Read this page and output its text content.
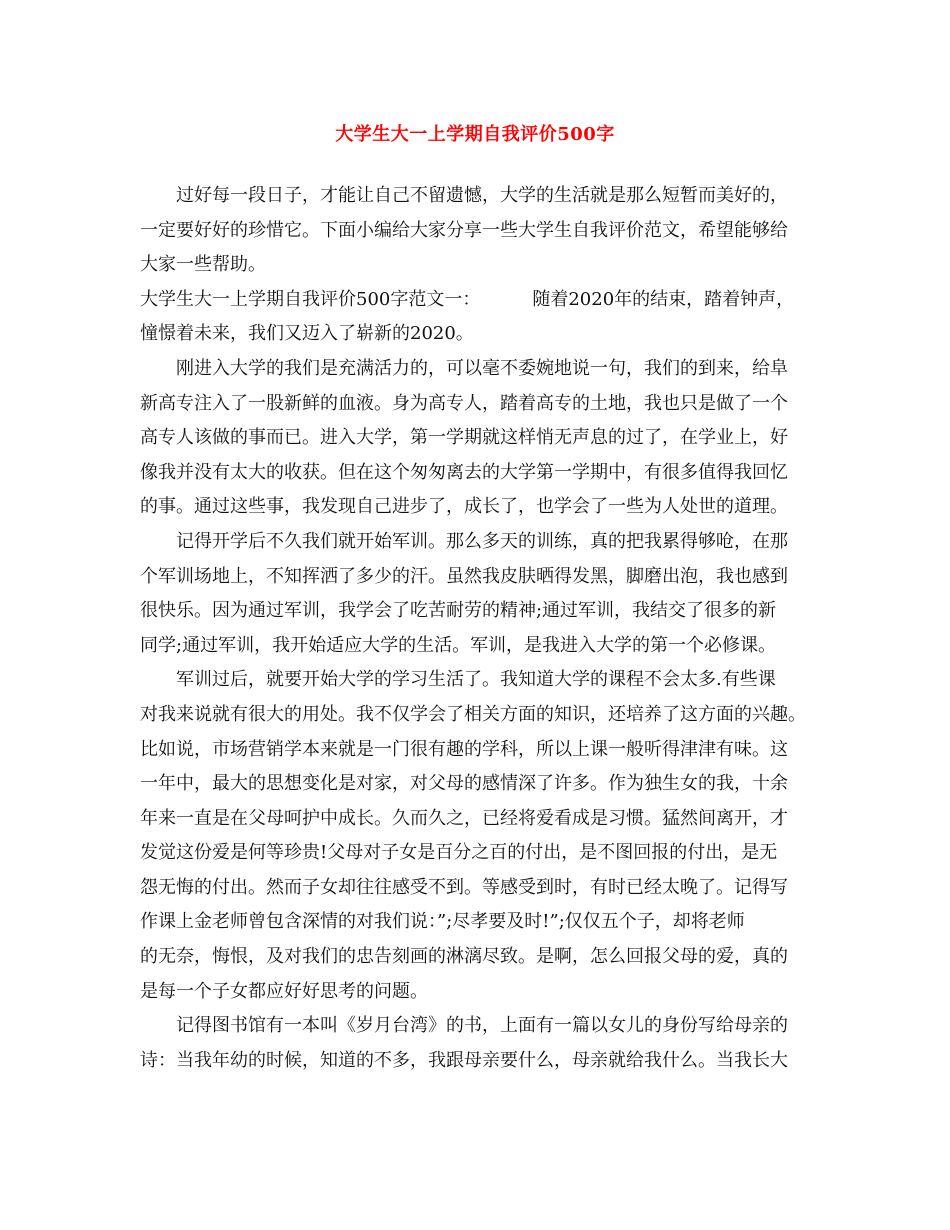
大学生大一上学期自我评价500字
过好每一段日子，才能让自己不留遗憾，大学的生活就是那么短暂而美好的，
一定要好好的珍惜它。下面小编给大家分享一些大学生自我评价范文，希望能够给
大家一些帮助。
大学生大一上学期自我评价500字范文一：	随着2020年的结束，踏着钟声，
憧憬着未来，我们又迈入了崭新的2020。
刚进入大学的我们是充满活力的，可以毫不委婉地说一句，我们的到来，给阜
新高专注入了一股新鲜的血液。身为高专人，踏着高专的土地，我也只是做了一个
高专人该做的事而已。进入大学，第一学期就这样悄无声息的过了，在学业上，好
像我并没有太大的收获。但在这个匆匆离去的大学第一学期中，有很多值得我回忆
的事。通过这些事，我发现自己进步了，成长了，也学会了一些为人处世的道理。
记得开学后不久我们就开始军训。那么多天的训练，真的把我累得够呛，在那
个军训场地上，不知挥洒了多少的汗。虽然我皮肤晒得发黑，脚磨出泡，我也感到
很快乐。因为通过军训，我学会了吃苦耐劳的精神;通过军训，我结交了很多的新
同学;通过军训，我开始适应大学的生活。军训，是我进入大学的第一个必修课。
军训过后，就要开始大学的学习生活了。我知道大学的课程不会太多.有些课
对我来说就有很大的用处。我不仅学会了相关方面的知识，还培养了这方面的兴趣。
比如说，市场营销学本来就是一门很有趣的学科，所以上课一般听得津津有味。这
一年中，最大的思想变化是对家，对父母的感情深了许多。作为独生女的我，十余
年来一直是在父母呵护中成长。久而久之，已经将爱看成是习惯。猛然间离开，才
发觉这份爱是何等珍贵!父母对子女是百分之百的付出，是不图回报的付出，是无
怨无悔的付出。然而子女却往往感受不到。等感受到时，有时已经太晚了。记得写
作课上金老师曾包含深情的对我们说：”;尽孝要及时!”;仅仅五个子，却将老师
的无奈，悔恨，及对我们的忠告刻画的淋漓尽致。是啊，怎么回报父母的爱，真的
是每一个子女都应好好思考的问题。
记得图书馆有一本叫《岁月台湾》的书，上面有一篇以女儿的身份写给母亲的
诗：当我年幼的时候，知道的不多，我跟母亲要什么，母亲就给我什么。当我长大
